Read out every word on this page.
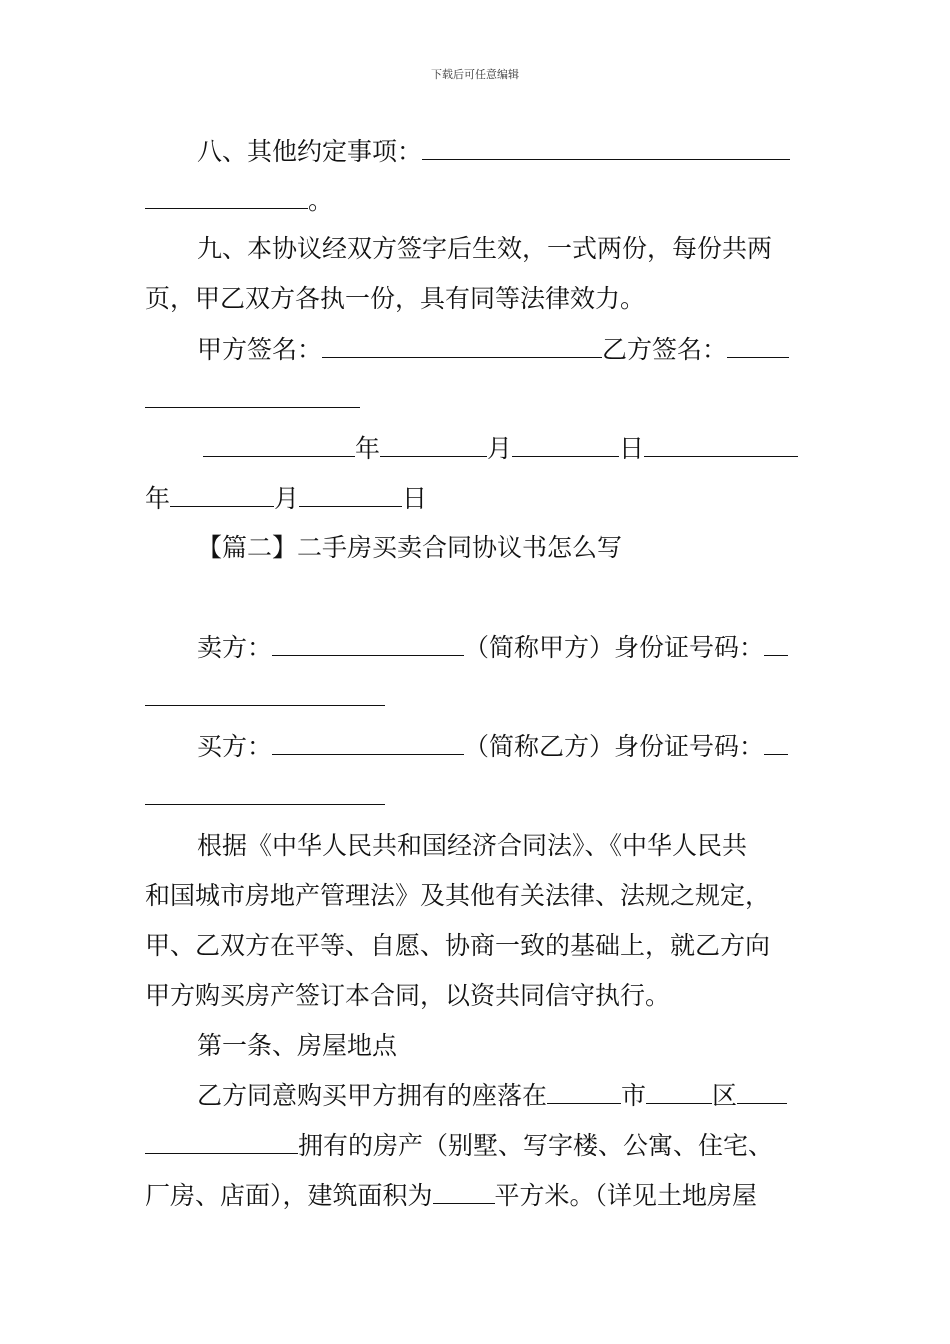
下载后可任意编辑
八、其他约定事项：
。
九、本协议经双方签字后生效，一式两份，每份共两
页，甲乙双方各执一份，具有同等法律效力。
甲方签名：	乙方签名：
年	月	日
年	月	日
【篇二】二手房买卖合同协议书怎么写
卖方：	（简称甲方）身份证号码：
买方：	（简称乙方）身份证号码：
根据《中华人民共和国经济合同法》、《中华人民共
和国城市房地产管理法》及其他有关法律、法规之规定，
甲、乙双方在平等、自愿、协商一致的基础上，就乙方向
甲方购买房产签订本合同，以资共同信守执行。
第一条、房屋地点
乙方同意购买甲方拥有的座落在	市	区
拥有的房产（别墅、写字楼、公寓、住宅、
厂房、店面），建筑面积为 平方米。（详见土地房屋
